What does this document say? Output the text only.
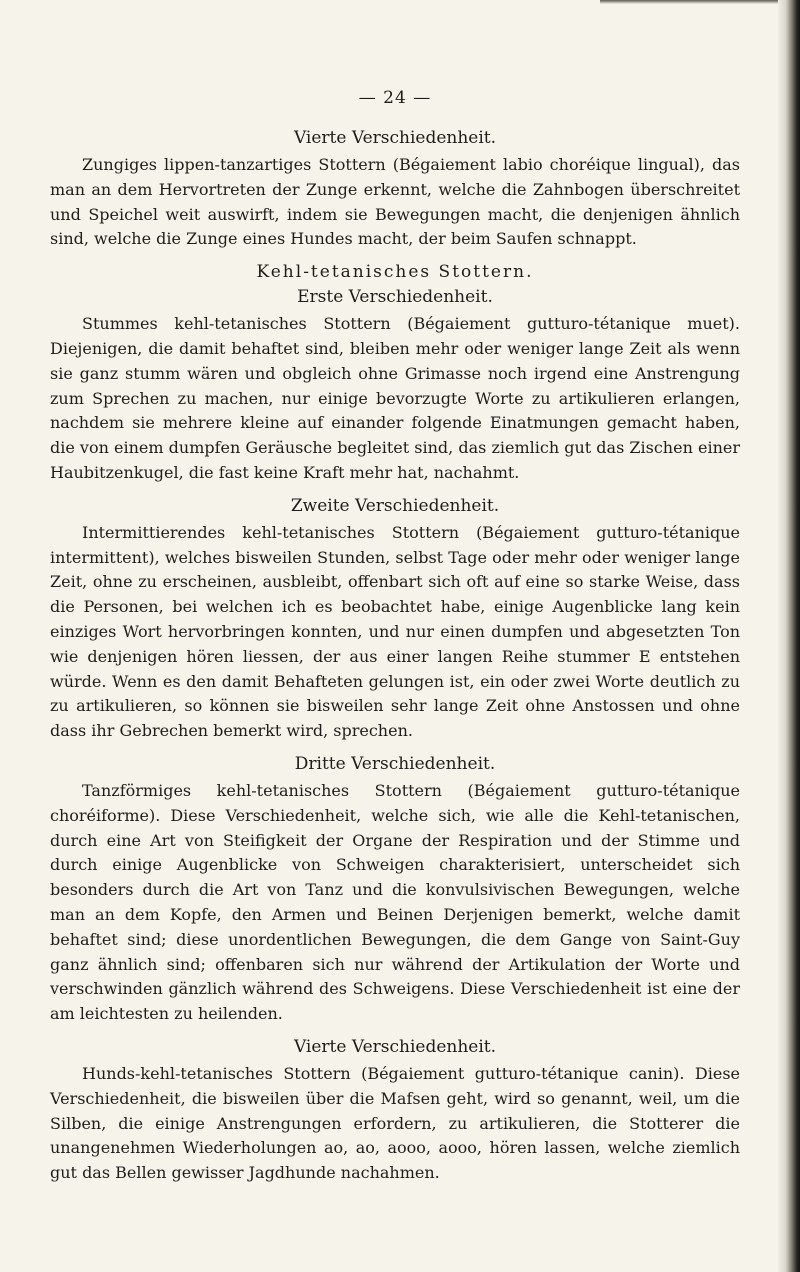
— 24 —
Vierte Verschiedenheit.

Zungiges lippen-tanzartiges Stottern (Bégaiement labio choréique lingual), das man an dem Hervortreten der Zunge erkennt, welche die Zahnbogen überschreitet und Speichel weit auswirft, indem sie Bewegungen macht, die denjenigen ähnlich sind, welche die Zunge eines Hundes macht, der beim Saufen schnappt.

Kehl-tetanisches Stottern.
Erste Verschiedenheit.

Stummes kehl-tetanisches Stottern (Bégaiement gutturo-tétanique muet). Diejenigen, die damit behaftet sind, bleiben mehr oder weniger lange Zeit als wenn sie ganz stumm wären und obgleich ohne Grimasse noch irgend eine Anstrengung zum Sprechen zu machen, nur einige bevorzugte Worte zu artikulieren erlangen, nachdem sie mehrere kleine auf einander folgende Einatmungen gemacht haben, die von einem dumpfen Geräusche begleitet sind, das ziemlich gut das Zischen einer Haubitzenkugel, die fast keine Kraft mehr hat, nachahmt.

Zweite Verschiedenheit.

Intermittierendes kehl-tetanisches Stottern (Bégaiement gutturo-tétanique intermittent), welches bisweilen Stunden, selbst Tage oder mehr oder weniger lange Zeit, ohne zu erscheinen, ausbleibt, offenbart sich oft auf eine so starke Weise, dass die Personen, bei welchen ich es beobachtet habe, einige Augenblicke lang kein einziges Wort hervorbringen konnten, und nur einen dumpfen und abgesetzten Ton wie denjenigen hören liessen, der aus einer langen Reihe stummer E entstehen würde. Wenn es den damit Behafteten gelungen ist, ein oder zwei Worte deutlich zu zu artikulieren, so können sie bisweilen sehr lange Zeit ohne Anstossen und ohne dass ihr Gebrechen bemerkt wird, sprechen.

Dritte Verschiedenheit.

Tanzförmiges kehl-tetanisches Stottern (Bégaiement gutturo-tétanique choréiforme). Diese Verschiedenheit, welche sich, wie alle die Kehl-tetanischen, durch eine Art von Steifigkeit der Organe der Respiration und der Stimme und durch einige Augenblicke von Schweigen charakterisiert, unterscheidet sich besonders durch die Art von Tanz und die konvulsivischen Bewegungen, welche man an dem Kopfe, den Armen und Beinen Derjenigen bemerkt, welche damit behaftet sind; diese unordentlichen Bewegungen, die dem Gange von Saint-Guy ganz ähnlich sind; offenbaren sich nur während der Artikulation der Worte und verschwinden gänzlich während des Schweigens. Diese Verschiedenheit ist eine der am leichtesten zu heilenden.

Vierte Verschiedenheit.

Hunds-kehl-tetanisches Stottern (Bégaiement gutturo-tétanique canin). Diese Verschiedenheit, die bisweilen über die Mafsen geht, wird so genannt, weil, um die Silben, die einige Anstrengungen erfordern, zu artikulieren, die Stotterer die unangenehmen Wiederholungen ao, ao, aooo, aooo, hören lassen, welche ziemlich gut das Bellen gewisser Jagdhunde nachahmen.
